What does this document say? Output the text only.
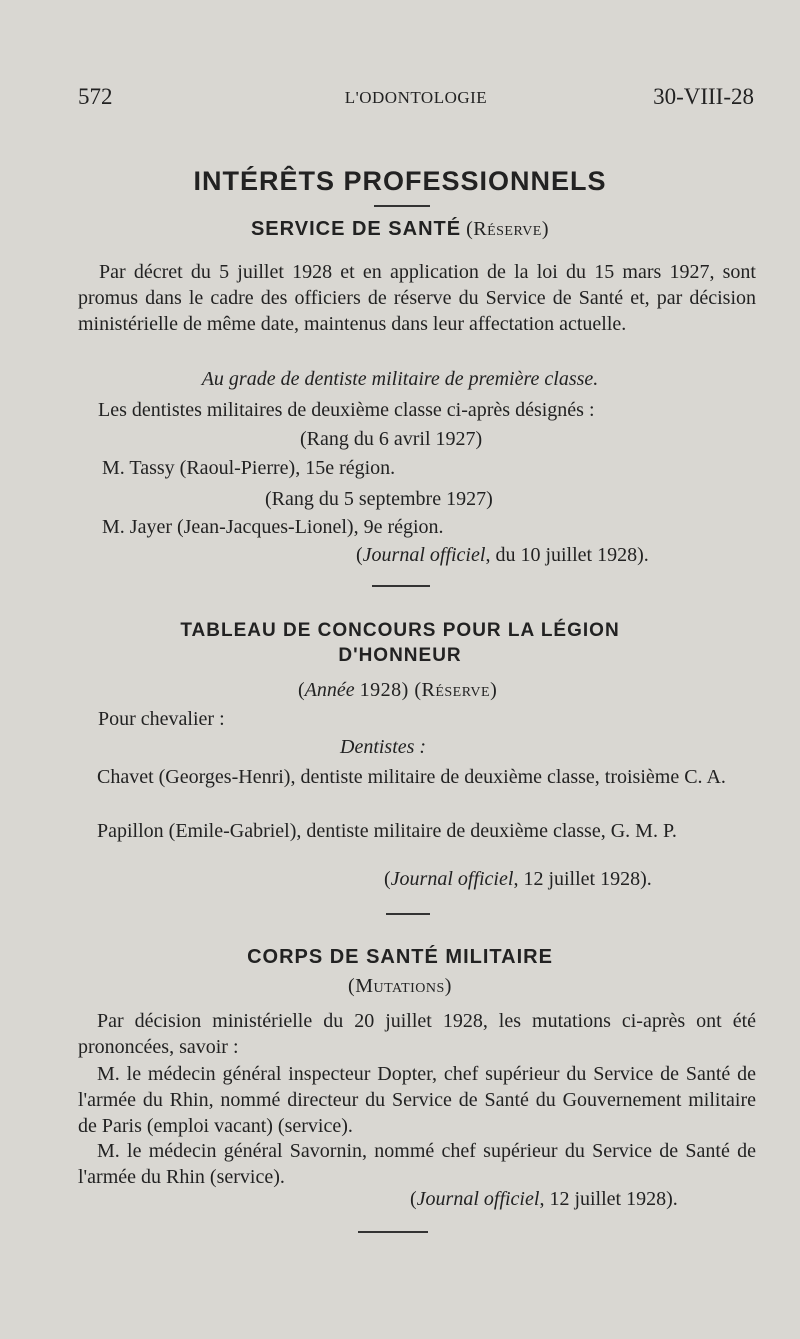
572	L'ODONTOLOGIE	30-VIII-28
INTÉRÊTS PROFESSIONNELS
SERVICE DE SANTÉ (Réserve)
Par décret du 5 juillet 1928 et en application de la loi du 15 mars 1927, sont promus dans le cadre des officiers de réserve du Service de Santé et, par décision ministérielle de même date, maintenus dans leur affectation actuelle.
Au grade de dentiste militaire de première classe.
Les dentistes militaires de deuxième classe ci-après désignés :
(Rang du 6 avril 1927)
M. Tassy (Raoul-Pierre), 15e région.
(Rang du 5 septembre 1927)
M. Jayer (Jean-Jacques-Lionel), 9e région.
(Journal officiel, du 10 juillet 1928).
TABLEAU DE CONCOURS POUR LA LÉGION
D'HONNEUR
(Année 1928) (Réserve)
Pour chevalier :
Dentistes :
Chavet (Georges-Henri), dentiste militaire de deuxième classe, troisième C. A.
Papillon (Emile-Gabriel), dentiste militaire de deuxième classe, G. M. P.
(Journal officiel, 12 juillet 1928).
CORPS DE SANTÉ MILITAIRE
(Mutations)
Par décision ministérielle du 20 juillet 1928, les mutations ci-après ont été prononcées, savoir :
M. le médecin général inspecteur Dopter, chef supérieur du Service de Santé de l'armée du Rhin, nommé directeur du Service de Santé du Gouvernement militaire de Paris (emploi vacant) (service).
M. le médecin général Savornin, nommé chef supérieur du Service de Santé de l'armée du Rhin (service).
(Journal officiel, 12 juillet 1928).
